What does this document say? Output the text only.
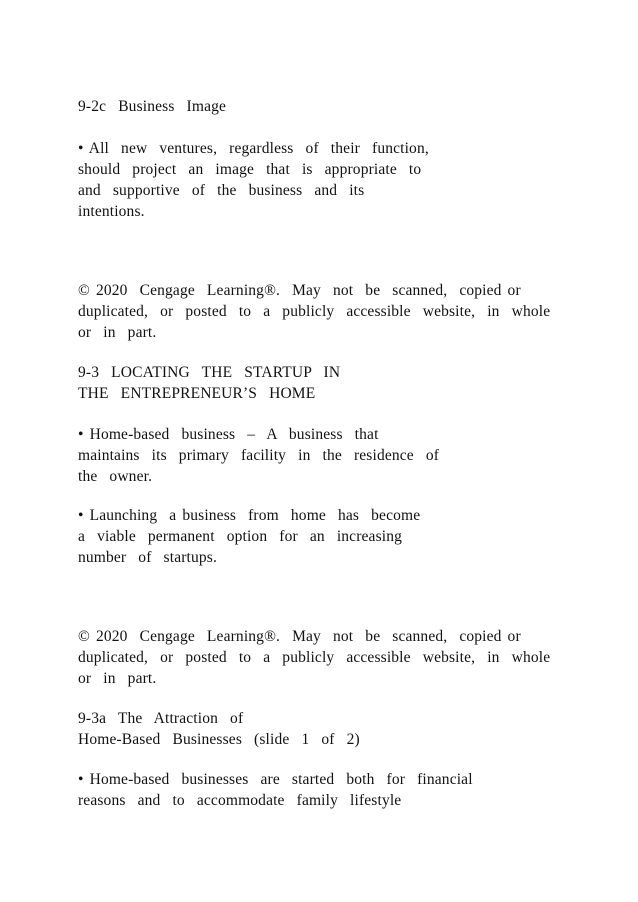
9-2c  Business  Image
• All  new  ventures,  regardless  of  their  function,
should  project  an  image  that  is  appropriate  to
and  supportive  of  the  business  and  its
intentions.
© 2020  Cengage  Learning®.  May  not  be  scanned,  copied or
duplicated,  or  posted  to  a  publicly  accessible  website,  in  whole
or  in  part.
9-3  LOCATING  THE  STARTUP  IN
THE  ENTREPRENEUR’S  HOME
• Home-based  business  –  A  business  that
maintains  its  primary  facility  in  the  residence  of
the  owner.
• Launching  a business  from  home  has  become
a  viable  permanent  option  for  an  increasing
number  of  startups.
© 2020  Cengage  Learning®.  May  not  be  scanned,  copied or
duplicated,  or  posted  to  a  publicly  accessible  website,  in  whole
or  in  part.
9-3a  The  Attraction  of
Home-Based  Businesses  (slide  1  of  2)
• Home-based  businesses  are  started  both  for  financial
reasons  and  to  accommodate  family  lifestyle
